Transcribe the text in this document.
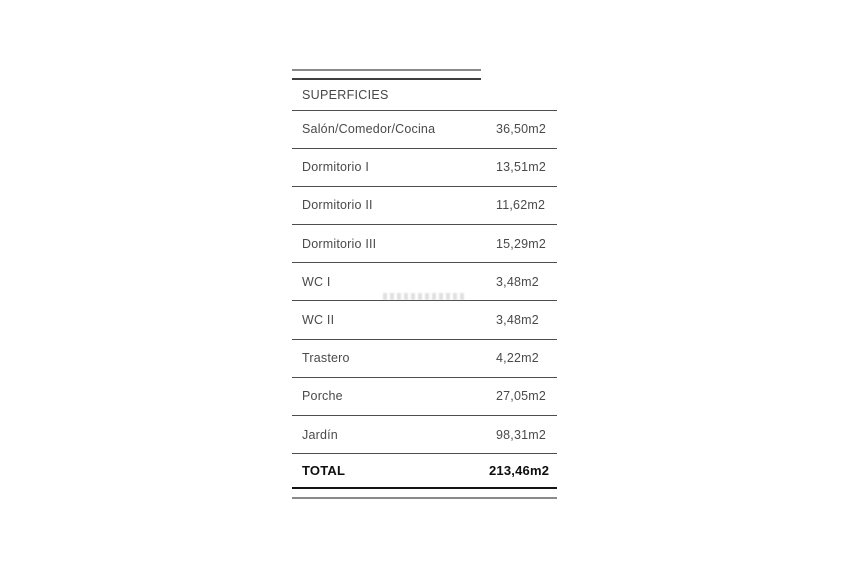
SUPERFICIES
Salón/Comedor/Cocina	36,50m2
Dormitorio I	13,51m2
Dormitorio II	11,62m2
Dormitorio III	15,29m2
WC I	3,48m2
WC II	3,48m2
Trastero	4,22m2
Porche	27,05m2
Jardín	98,31m2
TOTAL	213,46m2
